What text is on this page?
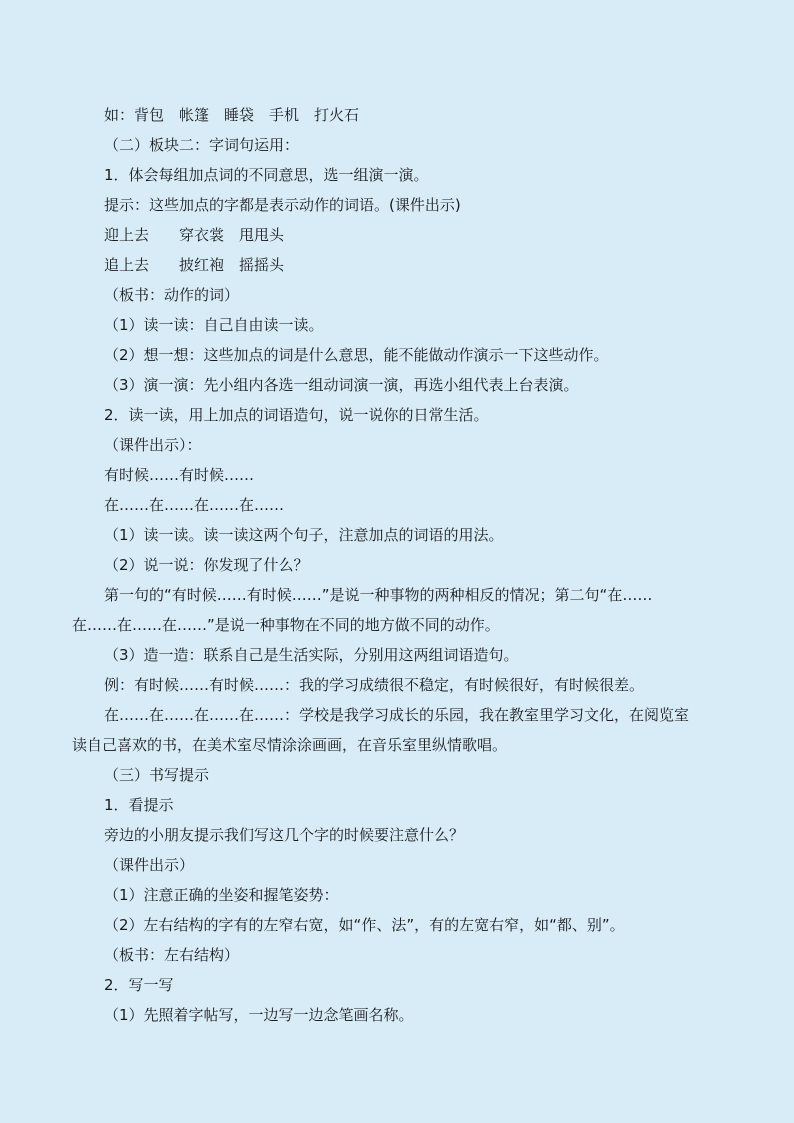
如：背包　帐篷　睡袋　手机　打火石
（二）板块二：字词句运用：
1．体会每组加点词的不同意思，选一组演一演。
提示：这些加点的字都是表示动作的词语。(课件出示)
迎上去　　穿衣裳　甩甩头
追上去　　披红袍　摇摇头
（板书：动作的词）
（1）读一读：自己自由读一读。
（2）想一想：这些加点的词是什么意思，能不能做动作演示一下这些动作。
（3）演一演：先小组内各选一组动词演一演，再选小组代表上台表演。
2．读一读，用上加点的词语造句，说一说你的日常生活。
（课件出示）：
有时候……有时候……
在……在……在……在……
（1）读一读。读一读这两个句子，注意加点的词语的用法。
（2）说一说：你发现了什么？
第一句的“有时候……有时候……”是说一种事物的两种相反的情况；第二句“在……
在……在……在……”是说一种事物在不同的地方做不同的动作。
（3）造一造：联系自己是生活实际，分别用这两组词语造句。
例：有时候……有时候……：我的学习成绩很不稳定，有时候很好，有时候很差。
在……在……在……在……：学校是我学习成长的乐园，我在教室里学习文化，在阅览室
读自己喜欢的书，在美术室尽情涂涂画画，在音乐室里纵情歌唱。
（三）书写提示
1．看提示
旁边的小朋友提示我们写这几个字的时候要注意什么？
（课件出示）
（1）注意正确的坐姿和握笔姿势：
（2）左右结构的字有的左窄右宽，如“作、法”，有的左宽右窄，如“都、别”。
（板书：左右结构）
2．写一写
（1）先照着字帖写，一边写一边念笔画名称。
